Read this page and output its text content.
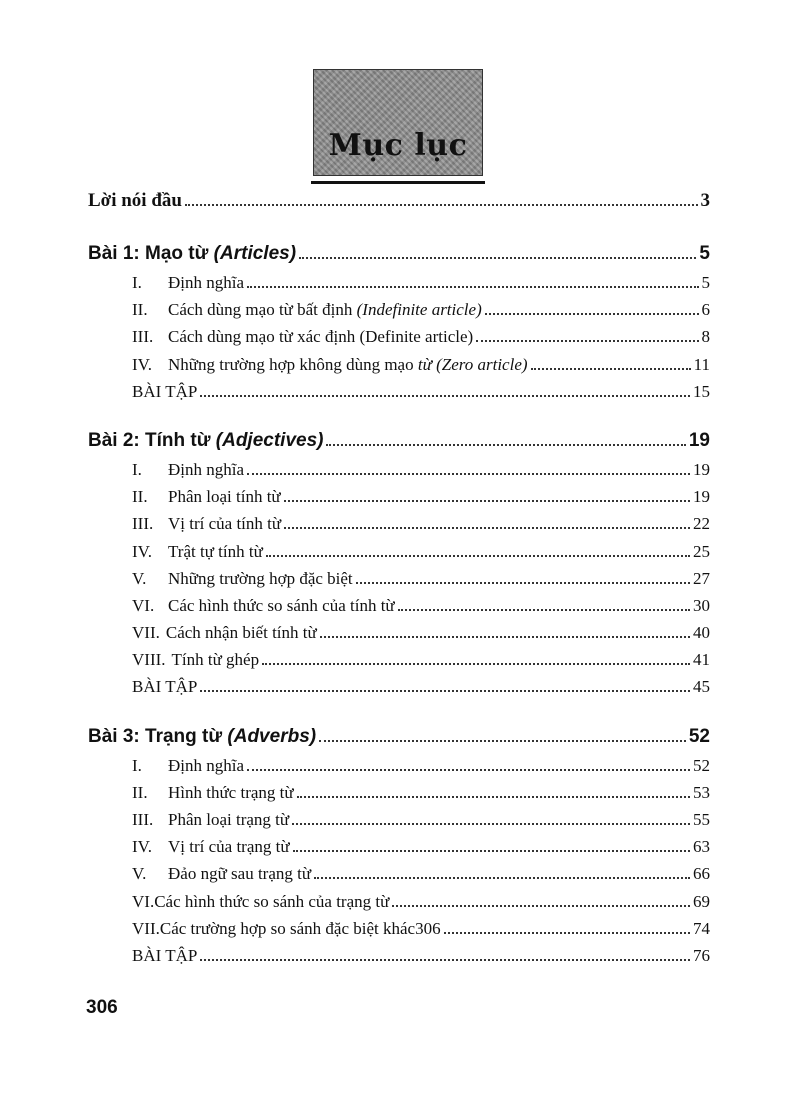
Mục lục
Lời nói đầu	3
Bài 1: Mạo từ (Articles)	5
I.	Định nghĩa	5
II.	Cách dùng mạo từ bất định (Indefinite article)	6
III. Cách dùng mạo từ xác định (Definite article)	8
IV. Những trường hợp không dùng mạo từ (Zero article)	11
BÀI TẬP	15
Bài 2: Tính từ (Adjectives)	19
I.	Định nghĩa	19
II.	Phân loại tính từ	19
III. Vị trí của tính từ	22
IV. Trật tự tính từ	25
V.	Những trường hợp đặc biệt	27
VI. Các hình thức so sánh của tính từ	30
VII. Cách nhận biết tính từ	40
VIII. Tính từ ghép	41
BÀI TẬP	45
Bài 3: Trạng từ (Adverbs)	52
I.	Định nghĩa	52
II.	Hình thức trạng từ	53
III. Phân loại trạng từ	55
IV. Vị trí của trạng từ	63
V.	Đảo ngữ sau trạng từ	66
VI. Các hình thức so sánh của trạng từ	69
VII. Các trường hợp so sánh đặc biệt khác306	74
BÀI TẬP	76
306
